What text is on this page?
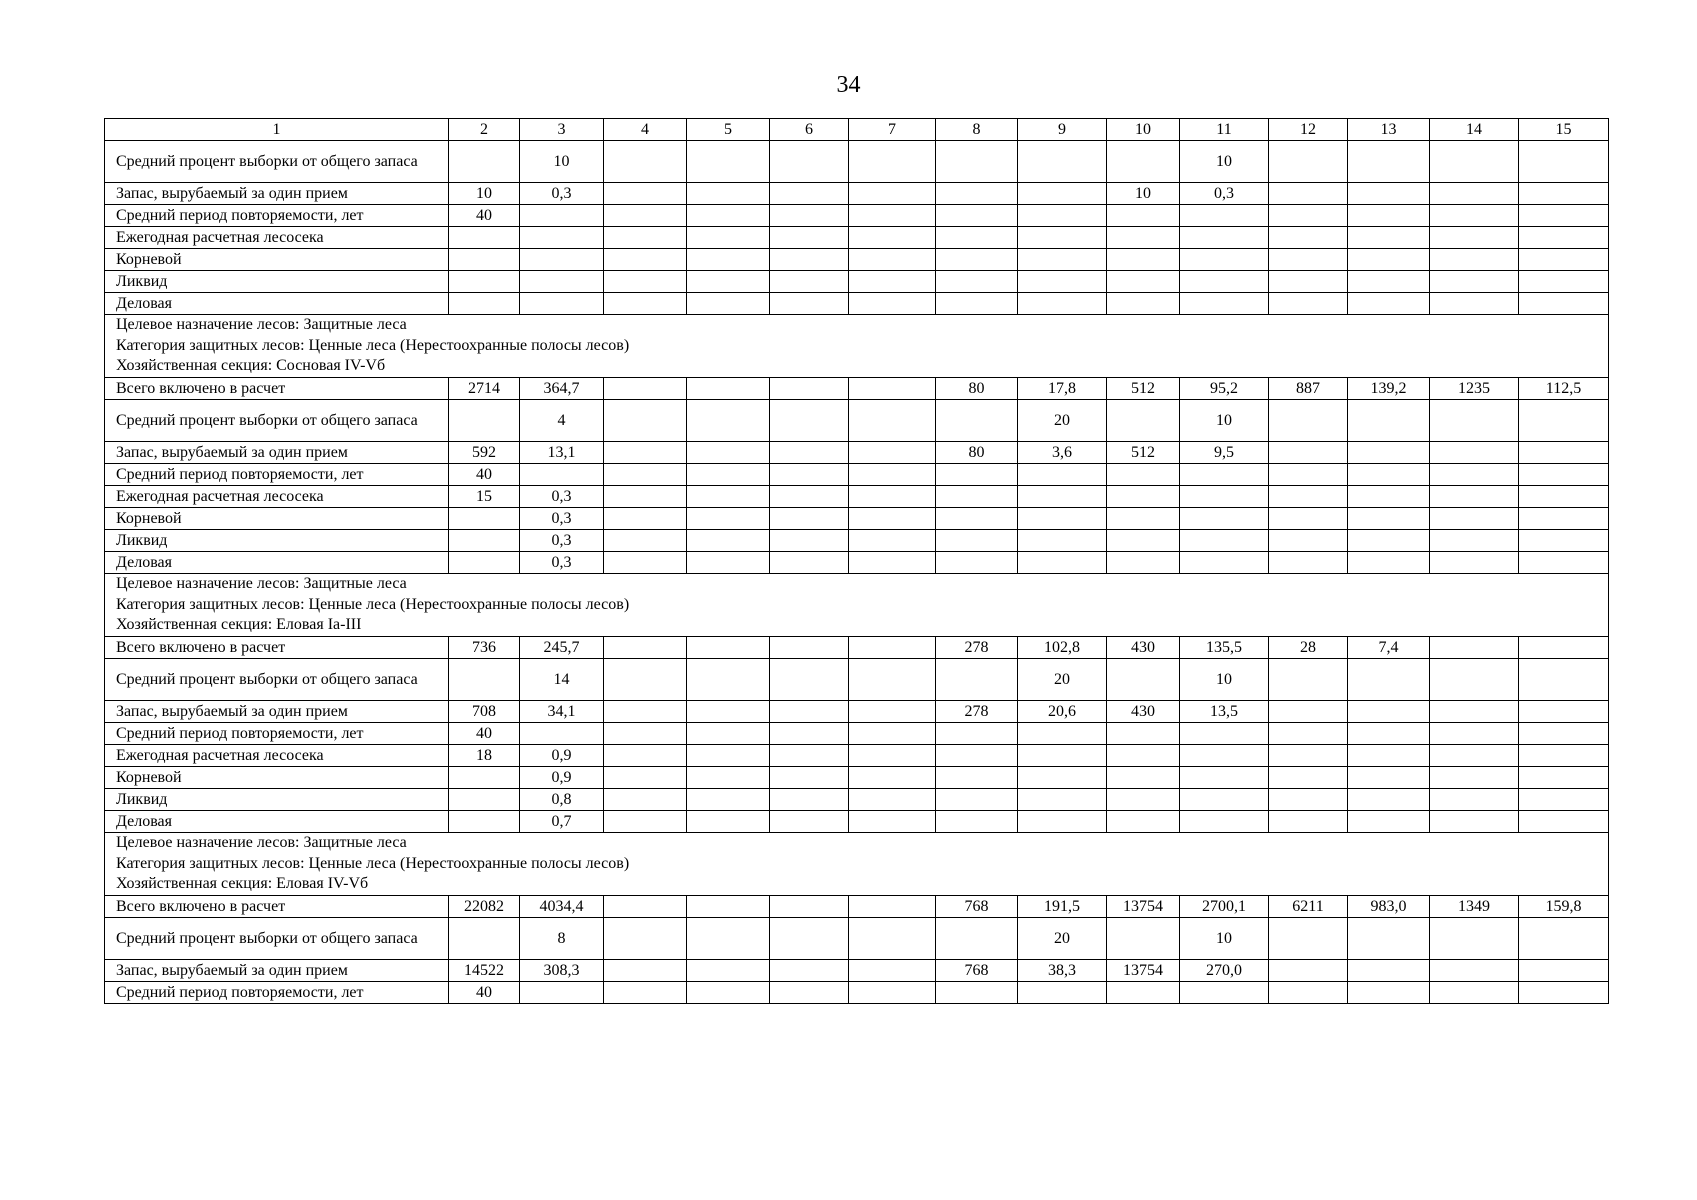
34
1	2	3	4	5	6	7	8	9	10	11	12	13	14	15
Средний процент выборки от общего запаса		10								10				
Запас, вырубаемый за один прием	10	0,3							10	0,3				
Средний период повторяемости, лет	40													
Ежегодная расчетная лесосека														
Корневой														
Ликвид														
Деловая														

Целевое назначение лесов: Защитные леса
Категория защитных лесов: Ценные леса (Нерестоохранные полосы лесов)
Хозяйственная секция: Сосновая IV-Vб														

Всего включено в расчет	2714	364,7					80	17,8	512	95,2	887	139,2	1235	112,5
Средний процент выборки от общего запаса		4						20		10				
Запас, вырубаемый за один прием	592	13,1					80	3,6	512	9,5				
Средний период повторяемости, лет	40													
Ежегодная расчетная лесосека	15	0,3												
Корневой		0,3												
Ликвид		0,3												
Деловая		0,3												

Целевое назначение лесов: Защитные леса
Категория защитных лесов: Ценные леса (Нерестоохранные полосы лесов)
Хозяйственная секция: Еловая Ia-III														

Всего включено в расчет	736	245,7					278	102,8	430	135,5	28	7,4		
Средний процент выборки от общего запаса		14						20		10				
Запас, вырубаемый за один прием	708	34,1					278	20,6	430	13,5				
Средний период повторяемости, лет	40													
Ежегодная расчетная лесосека	18	0,9												
Корневой		0,9												
Ликвид		0,8												
Деловая		0,7												

Целевое назначение лесов: Защитные леса
Категория защитных лесов: Ценные леса (Нерестоохранные полосы лесов)
Хозяйственная секция: Еловая IV-Vб														

Всего включено в расчет	22082	4034,4					768	191,5	13754	2700,1	6211	983,0	1349	159,8
Средний процент выборки от общего запаса		8						20		10				
Запас, вырубаемый за один прием	14522	308,3					768	38,3	13754	270,0				
Средний период повторяемости, лет	40													
